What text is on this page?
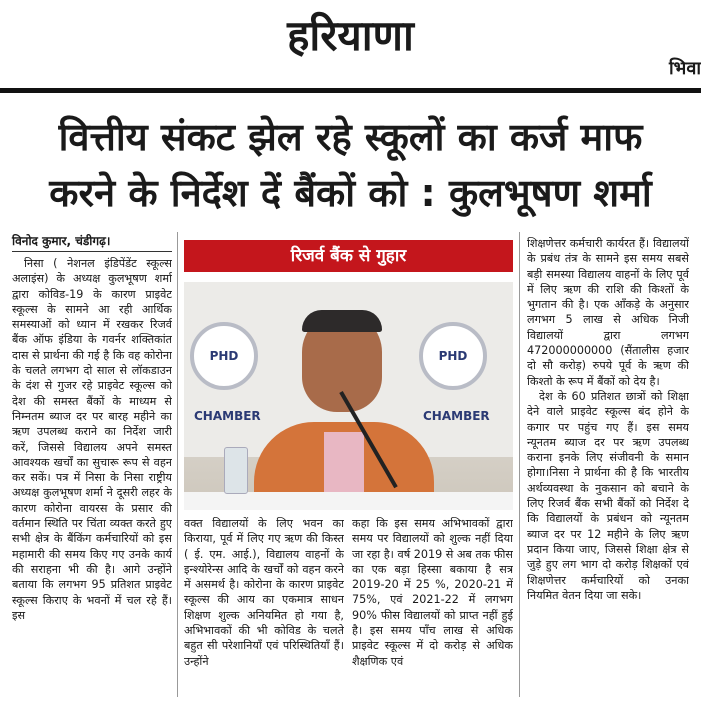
हरियाणा
भिवा
वित्तीय संकट झेल रहे स्कूलों का कर्ज माफ
करने के निर्देश दें बैंकों को : कुलभूषण शर्मा
विनोद कुमार, चंडीगढ़।

निसा ( नेशनल इंडिपेंडेंट स्कूल्स अलाइंस) के अध्यक्ष कुलभूषण शर्मा द्वारा कोविड-19 के कारण प्राइवेट स्कूल्स के सामने आ रही आर्थिक समस्याओं को ध्यान में रखकर रिजर्व बैंक ऑफ इंडिया के गवर्नर शक्तिकांत दास से प्रार्थना की गई है कि वह कोरोना के चलते लगभग दो साल से लॉकडाउन के दंश से गुजर रहे प्राइवेट स्कूल्स को देश की समस्त बैंकों के माध्यम से निम्नतम ब्याज दर पर बारह महीने का ऋण उपलब्ध कराने का निर्देश जारी करें, जिससे विद्यालय अपने समस्त आवश्यक खर्चों का सुचारू रूप से वहन कर सकें। पत्र में निसा के निसा राष्ट्रीय अध्यक्ष कुलभूषण शर्मा ने दूसरी लहर के कारण कोरोना वायरस के प्रसार की वर्तमान स्थिति पर चिंता व्यक्त करते हुए सभी क्षेत्र के बैंकिंग कर्मचारियों को इस महामारी की समय किए गए उनके कार्य की सराहना भी की है। आगे उन्होंने बताया कि लगभग 95 प्रतिशत प्राइवेट स्कूल्स किराए के भवनों में चल रहे हैं। इस

रिजर्व बैंक से गुहार
PHD CHAMBER
PHD CHAMBER

वक्त विद्यालयों के लिए भवन का किराया, पूर्व में लिए गए ऋण की किस्त ( ई. एम. आई.), विद्यालय वाहनों के इन्श्योरेन्स आदि के खर्चों को वहन करने में असमर्थ है। कोरोना के कारण प्राइवेट स्कूल्स की आय का एकमात्र साधन शिक्षण शुल्क अनियमित हो गया है, अभिभावकों की भी कोविड के चलते बहुत सी परेशानियाँ एवं परिस्थितियाँ हैं। उन्होंने

कहा कि इस समय अभिभावकों द्वारा समय पर विद्यालयों को शुल्क नहीं दिया जा रहा है। वर्ष 2019 से अब तक फीस का एक बड़ा हिस्सा बकाया है सत्र 2019-20 में 25 %, 2020-21 में 75%, एवं 2021-22 में लगभग 90% फीस विद्यालयों को प्राप्त नहीं हुई है। इस समय पाँच लाख से अधिक प्राइवेट स्कूल्स में दो करोड़ से अधिक शैक्षणिक एवं

शिक्षणेत्तर कर्मचारी कार्यरत हैं। विद्यालयों के प्रबंध तंत्र के सामने इस समय सबसे बड़ी समस्या विद्यालय वाहनों के लिए पूर्व में लिए ऋण की राशि की किश्तों के भुगतान की है। एक आँकड़े के अनुसार लगभग 5 लाख से अधिक निजी विद्यालयों द्वारा लगभग 472000000000 (सैंतालीस हजार दो सौ करोड़) रुपये पूर्व के ऋण की किश्तो के रूप में बैंकों को देय है।

देश के 60 प्रतिशत छात्रों को शिक्षा देने वाले प्राइवेट स्कूल्स बंद होने के कगार पर पहुंच गए हैं। इस समय न्यूनतम ब्याज दर पर ऋण उपलब्ध कराना इनके लिए संजीवनी के समान होगा।निसा ने प्रार्थना की है कि भारतीय अर्थव्यवस्था के नुकसान को बचाने के लिए रिजर्व बैंक सभी बैंकों को निर्देश दे कि विद्यालयों के प्रबंधन को न्यूनतम ब्याज दर पर 12 महीने के लिए ऋण प्रदान किया जाए, जिससे शिक्षा क्षेत्र से जुड़े हुए लग भाग दो करोड़ शिक्षकों एवं शिक्षणेत्तर कर्मचारियों को उनका नियमित वेतन दिया जा सके।
